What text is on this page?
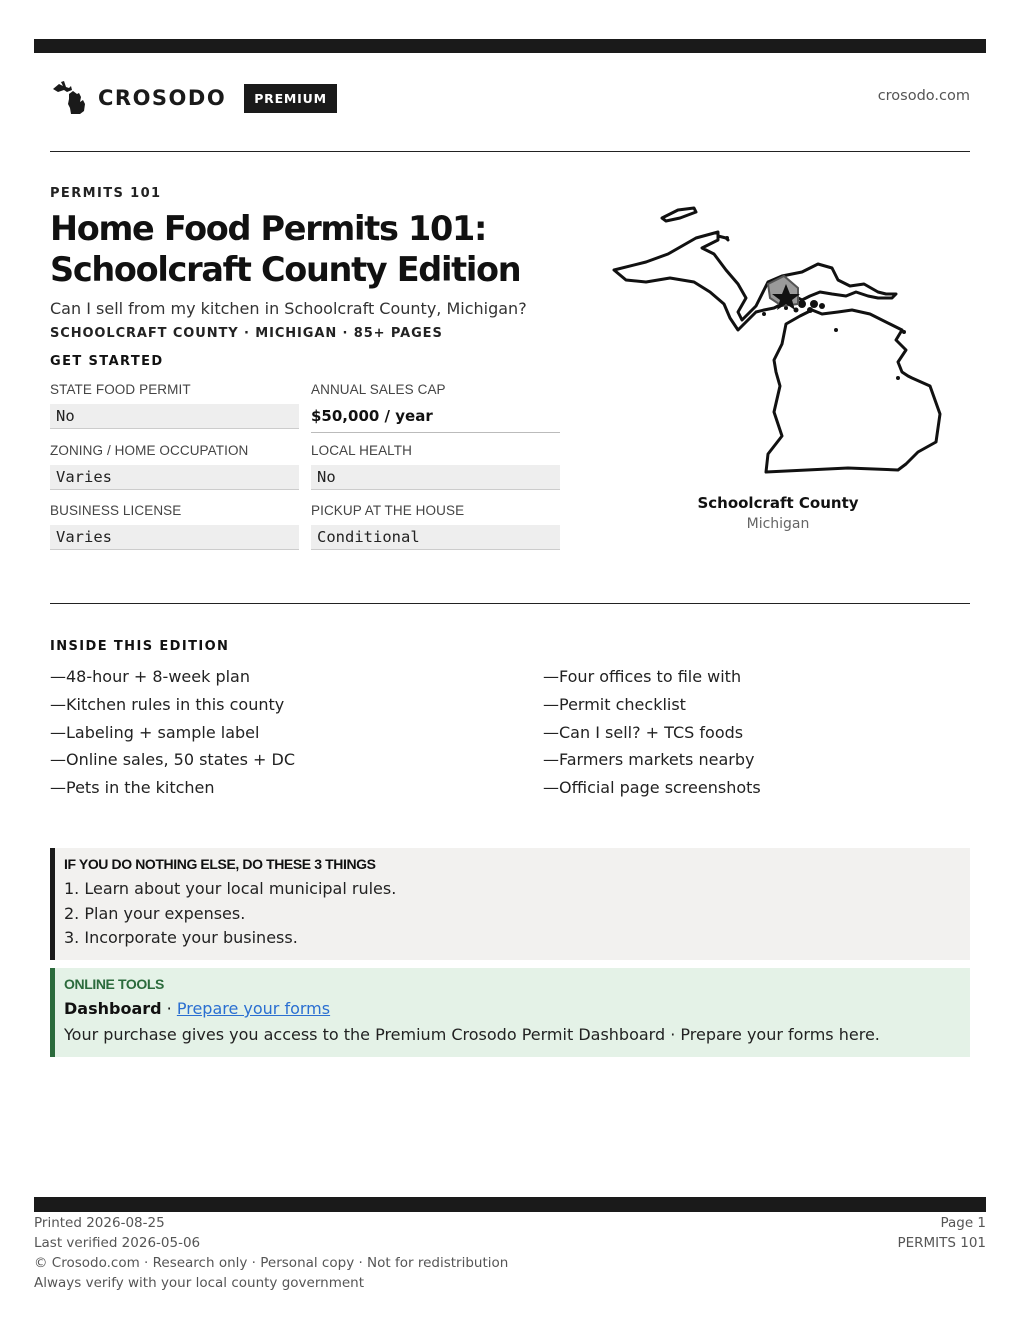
CROSODO	PREMIUM	crosodo.com
PERMITS 101
Home Food Permits 101:
Schoolcraft County Edition
Can I sell from my kitchen in Schoolcraft County, Michigan?
SCHOOLCRAFT COUNTY · MICHIGAN · 85+ PAGES
GET STARTED
STATE FOOD PERMIT
No
ANNUAL SALES CAP
$50,000 / year
ZONING / HOME OCCUPATION
Varies
LOCAL HEALTH
No
BUSINESS LICENSE
Varies
PICKUP AT THE HOUSE
Conditional
Schoolcraft County
Michigan
INSIDE THIS EDITION
—48-hour + 8-week plan
—Kitchen rules in this county
—Labeling + sample label
—Online sales, 50 states + DC
—Pets in the kitchen
—Four offices to file with
—Permit checklist
—Can I sell? + TCS foods
—Farmers markets nearby
—Official page screenshots
IF YOU DO NOTHING ELSE, DO THESE 3 THINGS
1. Learn about your local municipal rules.
2. Plan your expenses.
3. Incorporate your business.
ONLINE TOOLS
Dashboard · Prepare your forms
Your purchase gives you access to the Premium Crosodo Permit Dashboard · Prepare your forms here.
Printed 2026-08-25
Last verified 2026-05-06
© Crosodo.com · Research only · Personal copy · Not for redistribution
Always verify with your local county government
Page 1
PERMITS 101
